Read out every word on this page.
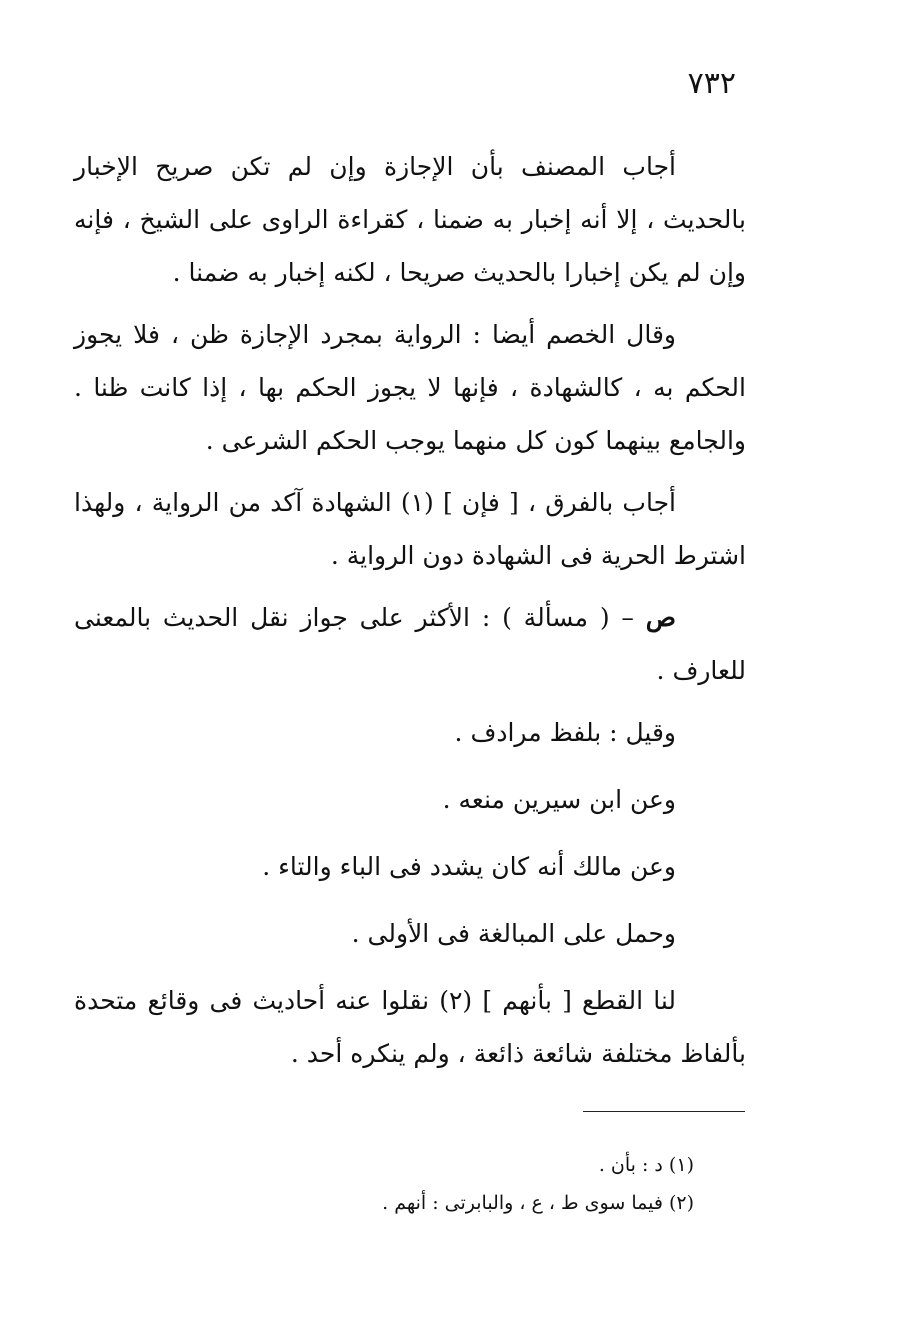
٧٣٢

أجاب المصنف بأن الإجازة وإن لم تكن صريح الإخبار بالحديث ، إلا أنه إخبار به ضمنا ، كقراءة الراوى على الشيخ ، فإنه وإن لم يكن إخبارا بالحديث صريحا ، لكنه إخبار به ضمنا .

وقال الخصم أيضا : الرواية بمجرد الإجازة ظن ، فلا يجوز الحكم به ، كالشهادة ، فإنها لا يجوز الحكم بها ، إذا كانت ظنا . والجامع بينهما كون كل منهما يوجب الحكم الشرعى .

أجاب بالفرق ، [ فإن ] (١) الشهادة آكد من الرواية ، ولهذا اشترط الحرية فى الشهادة دون الرواية .

ص – ( مسألة ) : الأكثر على جواز نقل الحديث بالمعنى للعارف .

وقيل : بلفظ مرادف .

وعن ابن سيرين منعه .

وعن مالك أنه كان يشدد فى الباء والتاء .

وحمل على المبالغة فى الأولى .

لنا القطع [ بأنهم ] (٢) نقلوا عنه أحاديث فى وقائع متحدة بألفاظ مختلفة شائعة ذائعة ، ولم ينكره أحد .

(١) د : بأن .

(٢) فيما سوى ط ، ع ، والبابرتى : أنهم .
